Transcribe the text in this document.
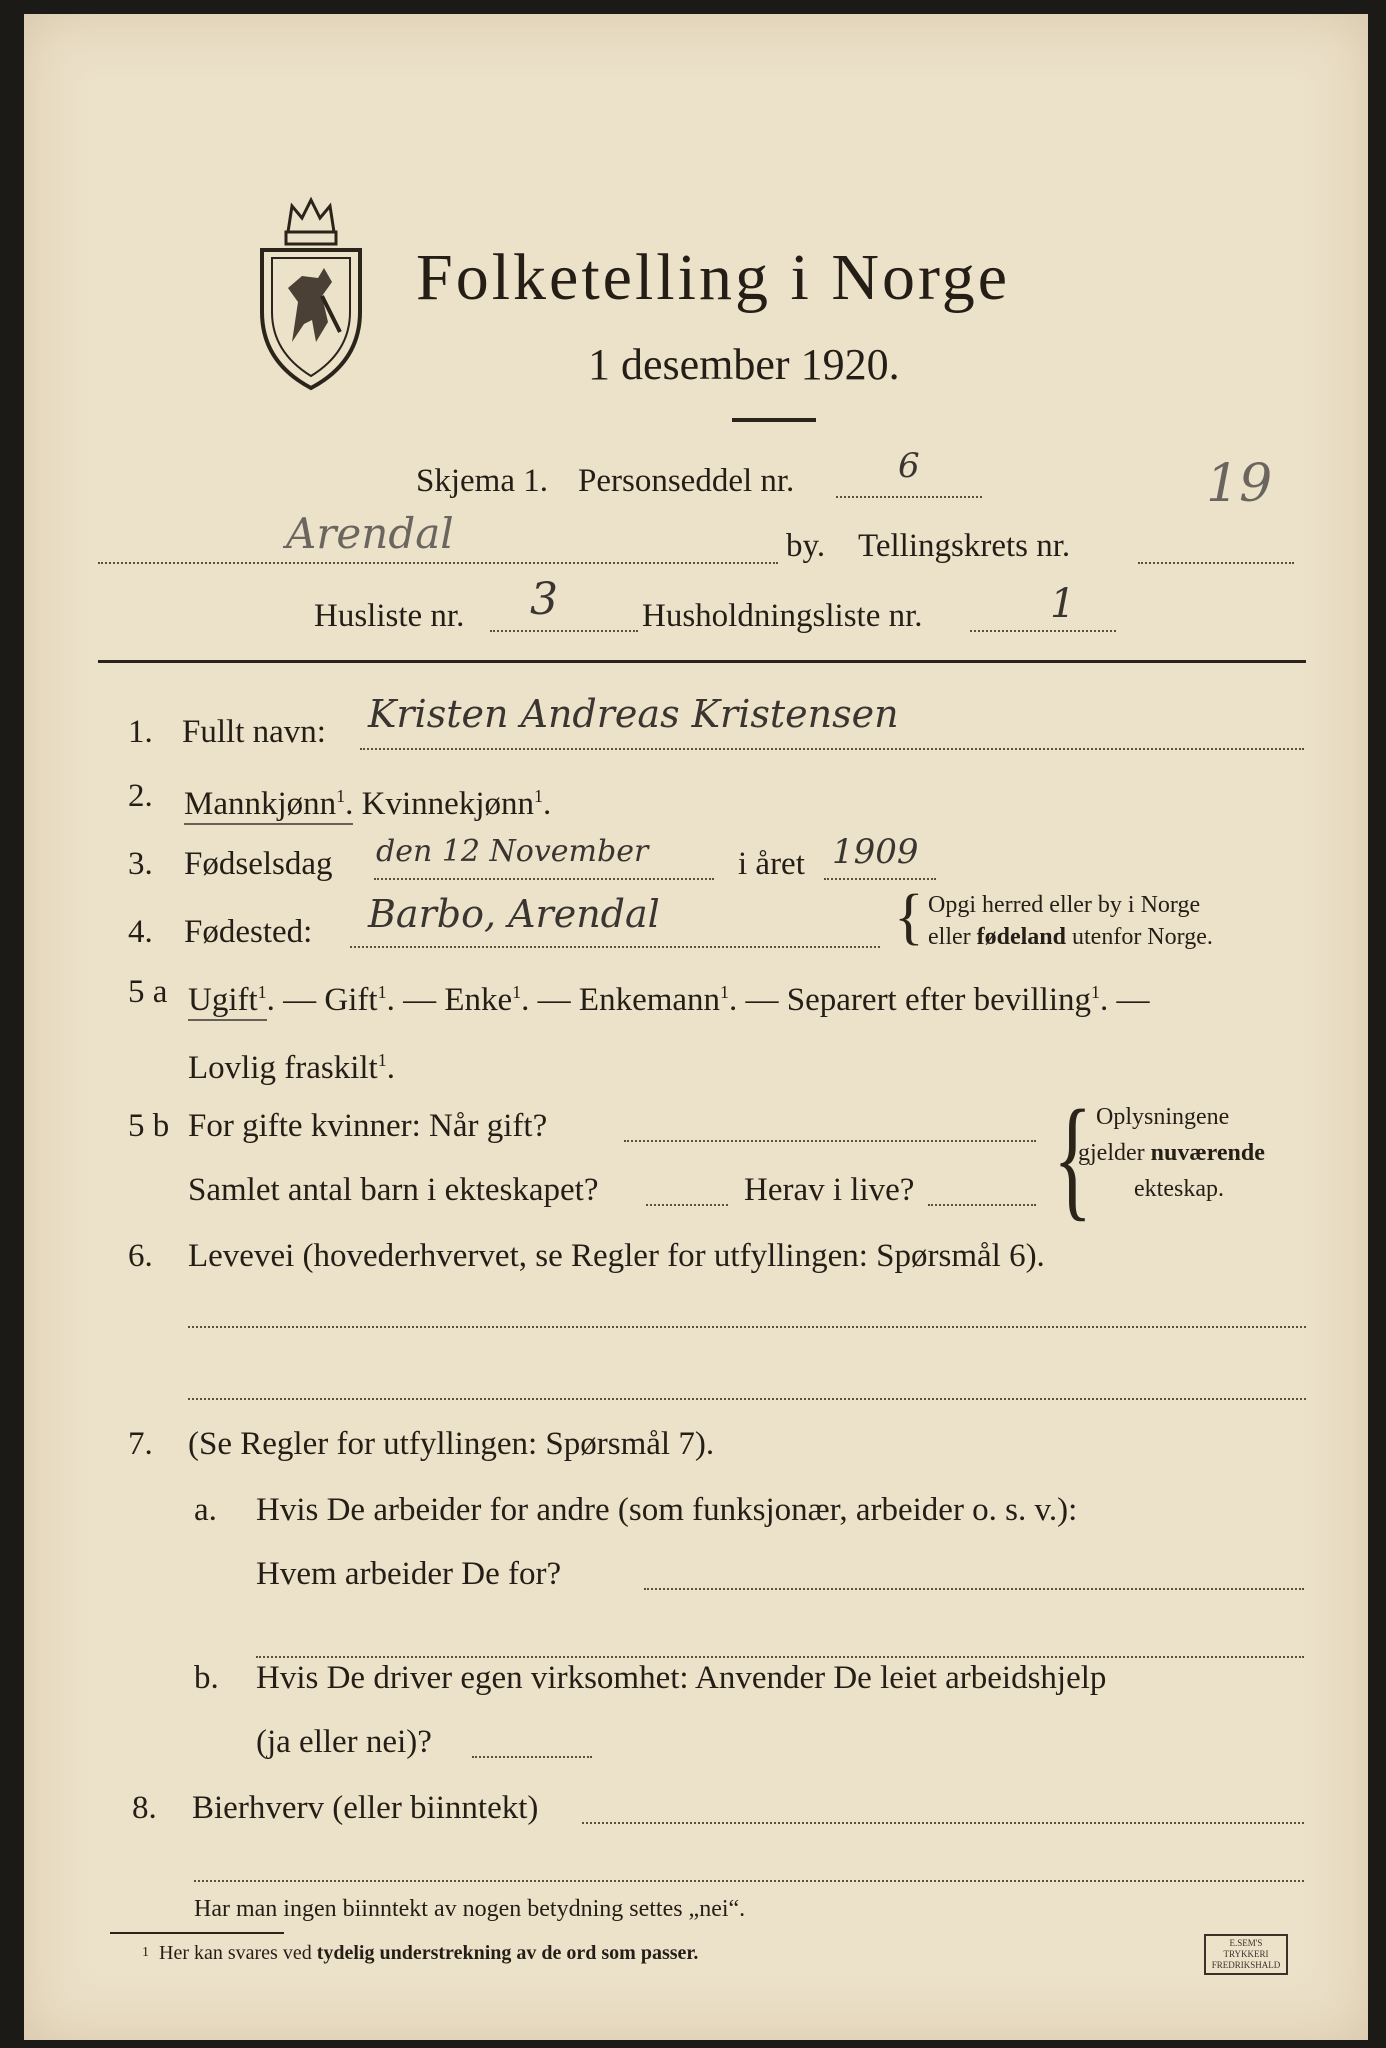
Folketelling i Norge
1 desember 1920.
Skjema 1. Personseddel nr.	6
Arendal	by. Tellingskrets nr.
19
Husliste nr. 3	Husholdningsliste nr.	1
1. Fullt navn: Kristen Andreas Kristensen
2. Mannkjønn$^1$. Kvinnekjønn$^1$.
3. Fødselsdag den 12 November	i året 1909
4. Fødested: Barbo, Arendal	{ Opgi herred eller by i Norge
eller fødeland utenfor Norge.
5 a Ugift$^1$. — Gift$^1$. — Enke$^1$. — Enkemann$^1$. — Separert efter bevilling$^1$. —
Lovlig fraskilt$^1$.
5 b For gifte kvinner: Når gift?
Samlet antal barn i ekteskapet?	Herav i live? { Oplysningene
gjelder nuværende
ekteskap.
6. Levevei (hovederhvervet, se Regler for utfyllingen: Spørsmål 6).
7. (Se Regler for utfyllingen: Spørsmål 7).
a. Hvis De arbeider for andre (som funksjonær, arbeider o. s. v.):
Hvem arbeider De for?
b. Hvis De driver egen virksomhet: Anvender De leiet arbeidshjelp
(ja eller nei)?
8. Bierhverv (eller biinntekt)
Har man ingen biinntekt av nogen betydning settes „nei“.
$^1$ Her kan svares ved tydelig understrekning av de ord som passer.	E.SEM'S TRYKKERI FREDRIKSHALD
